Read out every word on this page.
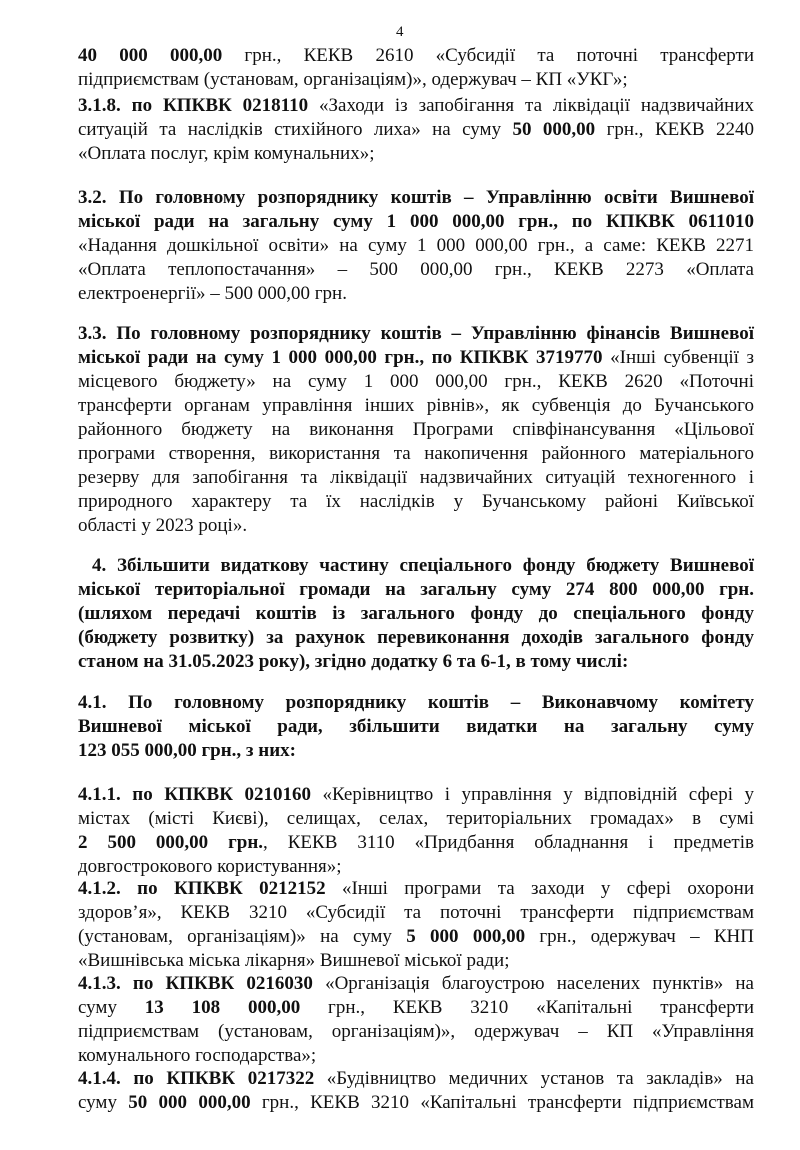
4
40 000 000,00 грн., КЕКВ 2610 «Субсидії та поточні трансферти
підприємствам (установам, організаціям)», одержувач – КП «УКГ»;
3.1.8. по КПКВК 0218110 «Заходи із запобігання та ліквідації надзвичайних
ситуацій та наслідків стихійного лиха» на суму 50 000,00 грн., КЕКВ 2240
«Оплата послуг, крім комунальних»;
3.2. По головному розпоряднику коштів – Управлінню освіти Вишневої
міської ради на загальну суму 1 000 000,00 грн., по КПКВК 0611010
«Надання дошкільної освіти» на суму 1 000 000,00 грн., а саме: КЕКВ 2271
«Оплата теплопостачання» – 500 000,00 грн., КЕКВ 2273 «Оплата
електроенергії» – 500 000,00 грн.
3.3. По головному розпоряднику коштів – Управлінню фінансів Вишневої
міської ради на суму 1 000 000,00 грн., по КПКВК 3719770 «Інші субвенції з
місцевого бюджету» на суму 1 000 000,00 грн., КЕКВ 2620 «Поточні
трансферти органам управління інших рівнів», як субвенція до Бучанського
районного бюджету на виконання Програми співфінансування «Цільової
програми створення, використання та накопичення районного матеріального
резерву для запобігання та ліквідації надзвичайних ситуацій техногенного і
природного характеру та їх наслідків у Бучанському районі Київської
області у 2023 році».
4. Збільшити видаткову частину спеціального фонду бюджету Вишневої
міської територіальної громади на загальну суму 274 800 000,00 грн.
(шляхом передачі коштів із загального фонду до спеціального фонду
(бюджету розвитку) за рахунок перевиконання доходів загального фонду
станом на 31.05.2023 року), згідно додатку 6 та 6-1, в тому числі:
4.1. По головному розпоряднику коштів – Виконавчому комітету
Вишневої міської ради, збільшити видатки на загальну суму
123 055 000,00 грн., з них:
4.1.1. по КПКВК 0210160 «Керівництво і управління у відповідній сфері у
містах (місті Києві), селищах, селах, територіальних громадах» в сумі
2 500 000,00 грн., КЕКВ 3110 «Придбання обладнання і предметів
довгострокового користування»;
4.1.2. по КПКВК 0212152 «Інші програми та заходи у сфері охорони
здоров’я», КЕКВ 3210 «Субсидії та поточні трансферти підприємствам
(установам, організаціям)» на суму 5 000 000,00 грн., одержувач – КНП
«Вишнівська міська лікарня» Вишневої міської ради;
4.1.3. по КПКВК 0216030 «Організація благоустрою населених пунктів» на
суму 13 108 000,00 грн., КЕКВ 3210 «Капітальні трансферти
підприємствам (установам, організаціям)», одержувач – КП «Управління
комунального господарства»;
4.1.4. по КПКВК 0217322 «Будівництво медичних установ та закладів» на
суму 50 000 000,00 грн., КЕКВ 3210 «Капітальні трансферти підприємствам
